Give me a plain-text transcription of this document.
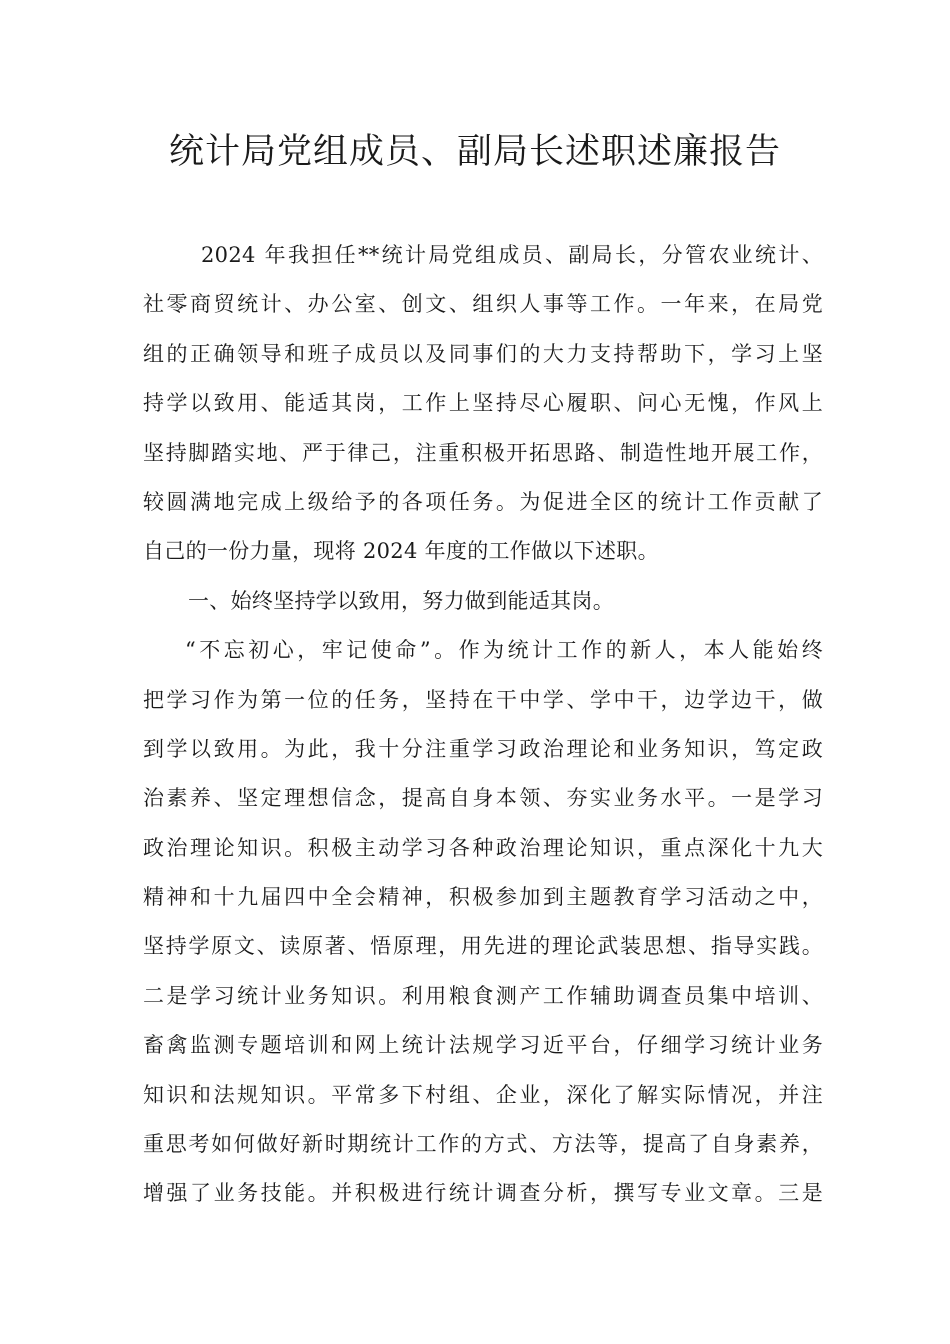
统计局党组成员、副局长述职述廉报告
2024 年我担任**统计局党组成员、副局长，分管农业统计、
社零商贸统计、办公室、创文、组织人事等工作。一年来，在局党
组的正确领导和班子成员以及同事们的大力支持帮助下，学习上坚
持学以致用、能适其岗，工作上坚持尽心履职、问心无愧，作风上
坚持脚踏实地、严于律己，注重积极开拓思路、制造性地开展工作，
较圆满地完成上级给予的各项任务。为促进全区的统计工作贡献了
自己的一份力量，现将 2024 年度的工作做以下述职。
一、始终坚持学以致用，努力做到能适其岗。
“不忘初心，牢记使命”。作为统计工作的新人，本人能始终
把学习作为第一位的任务，坚持在干中学、学中干，边学边干，做
到学以致用。为此，我十分注重学习政治理论和业务知识，笃定政
治素养、坚定理想信念，提高自身本领、夯实业务水平。一是学习
政治理论知识。积极主动学习各种政治理论知识，重点深化十九大
精神和十九届四中全会精神，积极参加到主题教育学习活动之中，
坚持学原文、读原著、悟原理，用先进的理论武装思想、指导实践。
二是学习统计业务知识。利用粮食测产工作辅助调查员集中培训、
畜禽监测专题培训和网上统计法规学习近平台，仔细学习统计业务
知识和法规知识。平常多下村组、企业，深化了解实际情况，并注
重思考如何做好新时期统计工作的方式、方法等，提高了自身素养，
增强了业务技能。并积极进行统计调查分析，撰写专业文章。三是
